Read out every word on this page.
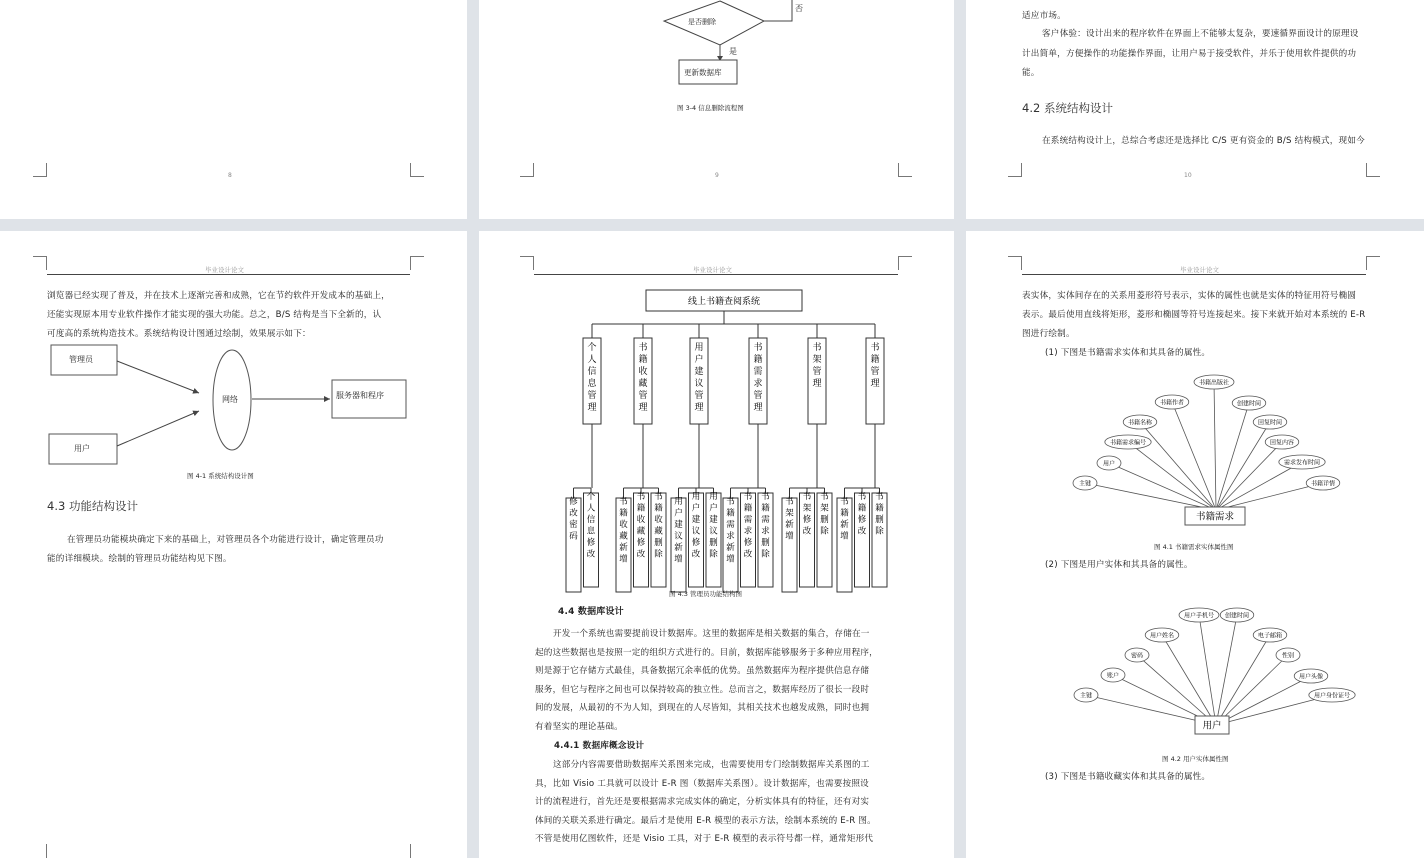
8
是否删除
否
是
更新数据库
图 3-4 信息删除流程图
9
适应市场。
客户体验：设计出来的程序软件在界面上不能够太复杂，要速循界面设计的原理设
计出简单，方便操作的功能操作界面，让用户易于接受软件，并乐于使用软件提供的功
能。
4.2 系统结构设计
在系统结构设计上，总综合考虑还是选择比 C/S 更有资金的 B/S 结构模式，现如今
10
毕业设计论文
浏览器已经实现了普及，并在技术上逐渐完善和成熟，它在节约软件开发成本的基础上，
还能实现原本用专业软件操作才能实现的强大功能。总之，B/S 结构是当下全新的，认
可度高的系统构造技术。系统结构设计图通过绘制，效果展示如下：
管理员
用户
网络	服务器和程序
图 4-1 系统结构设计图
4.3 功能结构设计
在管理员功能模块确定下来的基础上，对管理员各个功能进行设计，确定管理员功
能的详细模块。绘制的管理员功能结构见下图。
毕业设计论文
线上书籍查阅系统
个人信息管理
修改密码
个人信息修改
书籍收藏管理
书籍收藏新增
书籍收藏修改
书籍收藏删除
用户建议管理
用户建议新增
用户建议修改
用户建议删除
书籍需求管理
书籍需求新增
书籍需求修改
书籍需求删除
书架管理
书架新增
书架修改
书架删除
书籍管理
书籍新增
书籍修改
书籍删除
图 4.3 管理员功能结构图
4.4 数据库设计
4.4.1 数据库概念设计
开发一个系统也需要提前设计数据库。这里的数据库是相关数据的集合，存储在一
起的这些数据也是按照一定的组织方式进行的。目前，数据库能够服务于多种应用程序，
则是源于它存储方式最佳，具备数据冗余率低的优势。虽然数据库为程序提供信息存储
服务，但它与程序之间也可以保持较高的独立性。总而言之，数据库经历了很长一段时
间的发展，从最初的不为人知，到现在的人尽皆知，其相关技术也越发成熟，同时也拥
有着坚实的理论基础。
这部分内容需要借助数据库关系图来完成，也需要使用专门绘制数据库关系图的工
具，比如 Visio 工具就可以设计 E-R 图（数据库关系图）。设计数据库，也需要按照设
计的流程进行，首先还是要根据需求完成实体的确定，分析实体具有的特征，还有对实
体间的关联关系进行确定。最后才是使用 E-R 模型的表示方法，绘制本系统的 E-R 图。
不管是使用亿图软件，还是 Visio 工具，对于 E-R 模型的表示符号都一样，通常矩形代
毕业设计论文
表实体，实体间存在的关系用菱形符号表示，实体的属性也就是实体的特征用符号椭圆
表示。最后使用直线将矩形，菱形和椭圆等符号连接起来。接下来就开始对本系统的 E-R
图进行绘制。
(1) 下图是书籍需求实体和其具备的属性。
主键
用户
书籍需求编号
书籍名称
书籍作者
书籍出版社
创建时间
回复时间
回复内容
需求发布时间
书籍详情
书籍需求
图 4.1 书籍需求实体属性图
(2) 下图是用户实体和其具备的属性。
主键
账户
密码
用户姓名
用户手机号 创建时间
电子邮箱
性别
用户头像
用户身份证号
用户
图 4.2 用户实体属性图
(3) 下图是书籍收藏实体和其具备的属性。
